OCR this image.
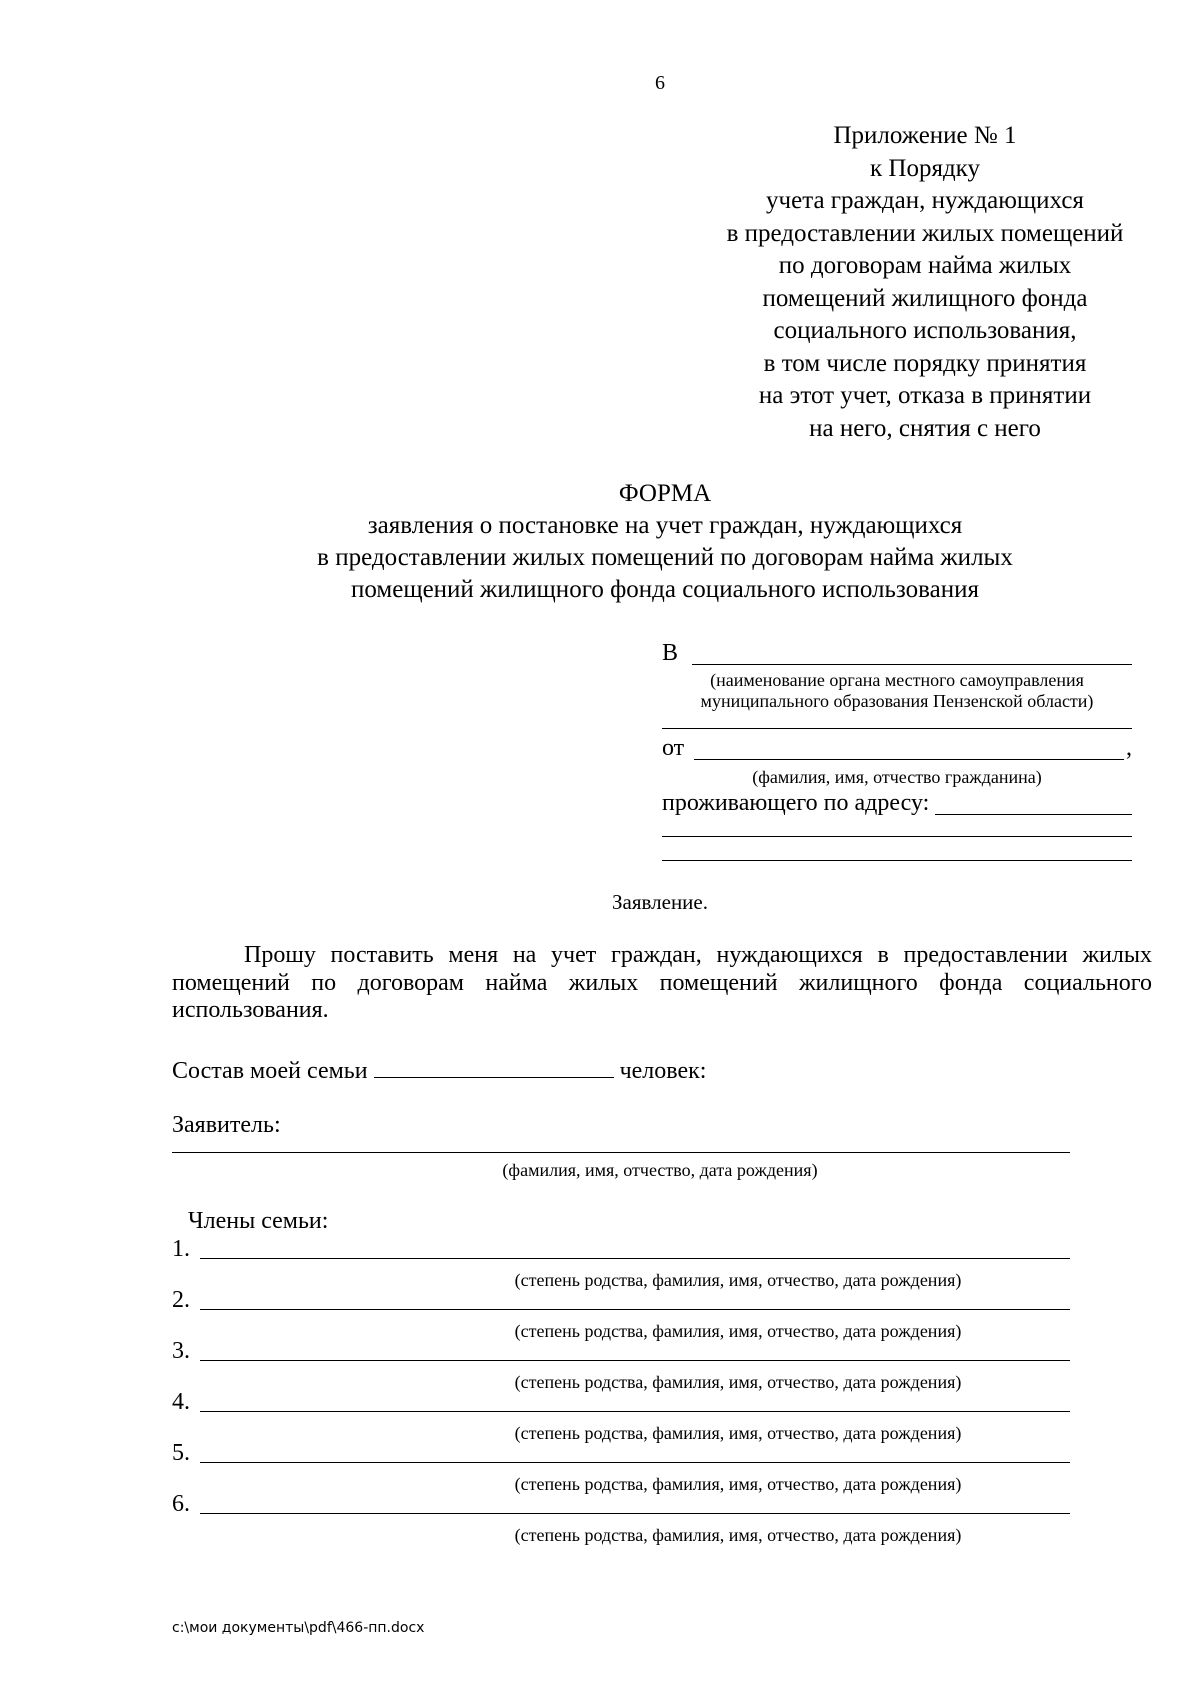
6
Приложение № 1
к Порядку
учета граждан, нуждающихся
в предоставлении жилых помещений
по договорам найма жилых
помещений жилищного фонда
социального использования,
в том числе порядку принятия
на этот учет, отказа в принятии
на него, снятия с него
ФОРМА
заявления о постановке на учет граждан, нуждающихся
в предоставлении жилых помещений по договорам найма жилых
помещений жилищного фонда социального использования
В
(наименование органа местного самоуправления
муниципального образования Пензенской области)
от	,
(фамилия, имя, отчество гражданина)
проживающего по адресу:
Заявление.
Прошу поставить меня на учет граждан, нуждающихся в предоставлении жилых помещений по договорам найма жилых помещений жилищного фонда социального использования.
Состав моей семьи	человек:
Заявитель:
(фамилия, имя, отчество, дата рождения)
Члены семьи:
1.
(степень родства, фамилия, имя, отчество, дата рождения)
2.
(степень родства, фамилия, имя, отчество, дата рождения)
3.
(степень родства, фамилия, имя, отчество, дата рождения)
4.
(степень родства, фамилия, имя, отчество, дата рождения)
5.
(степень родства, фамилия, имя, отчество, дата рождения)
6.
(степень родства, фамилия, имя, отчество, дата рождения)
c:\мои документы\pdf\466-пп.docx
